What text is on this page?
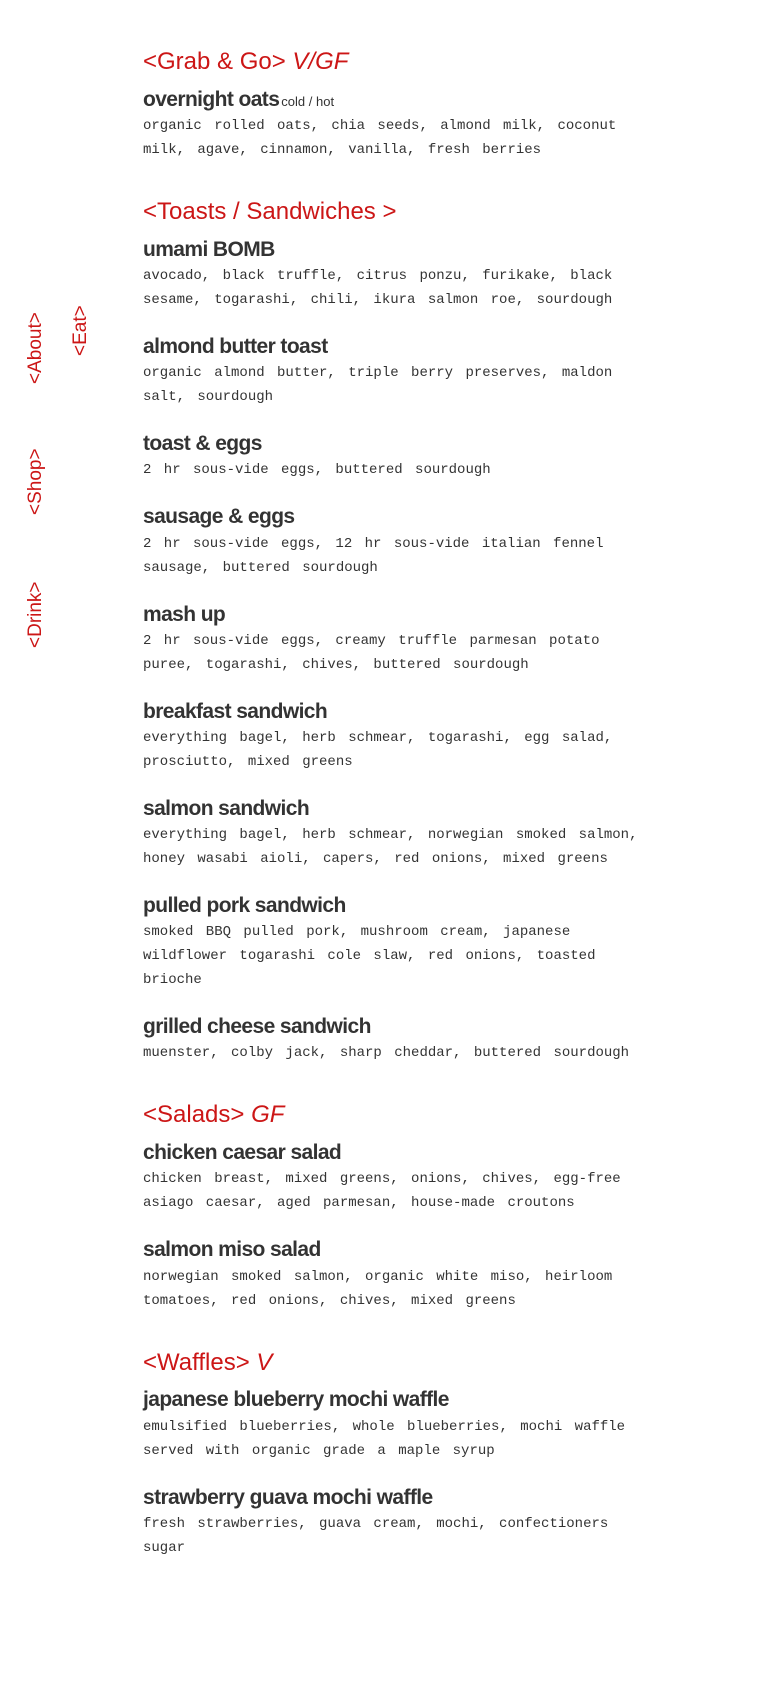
<About> <Eat>
<Shop>
<Drink>
<Grab & Go> V/GF
overnight oats cold / hot
organic rolled oats, chia seeds, almond milk, coconut milk, agave, cinnamon, vanilla, fresh berries
<Toasts / Sandwiches >
umami BOMB
avocado, black truffle, citrus ponzu, furikake, black sesame, togarashi, chili, ikura salmon roe, sourdough
almond butter toast
organic almond butter, triple berry preserves, maldon salt, sourdough
toast & eggs
2 hr sous-vide eggs, buttered sourdough
sausage & eggs
2 hr sous-vide eggs, 12 hr sous-vide italian fennel sausage, buttered sourdough
mash up
2 hr sous-vide eggs, creamy truffle parmesan potato puree, togarashi, chives, buttered sourdough
breakfast sandwich
everything bagel, herb schmear, togarashi, egg salad, prosciutto, mixed greens
salmon sandwich
everything bagel, herb schmear, norwegian smoked salmon, honey wasabi aioli, capers, red onions, mixed greens
pulled pork sandwich
smoked BBQ pulled pork, mushroom cream, japanese wildflower togarashi cole slaw, red onions, toasted brioche
grilled cheese sandwich
muenster, colby jack, sharp cheddar, buttered sourdough
<Salads> GF
chicken caesar salad
chicken breast, mixed greens, onions, chives, egg-free asiago caesar, aged parmesan, house-made croutons
salmon miso salad
norwegian smoked salmon, organic white miso, heirloom tomatoes, red onions, chives, mixed greens
<Waffles> V
japanese blueberry mochi waffle
emulsified blueberries, whole blueberries, mochi waffle served with organic grade a maple syrup
strawberry guava mochi waffle
fresh strawberries, guava cream, mochi, confectioners sugar
